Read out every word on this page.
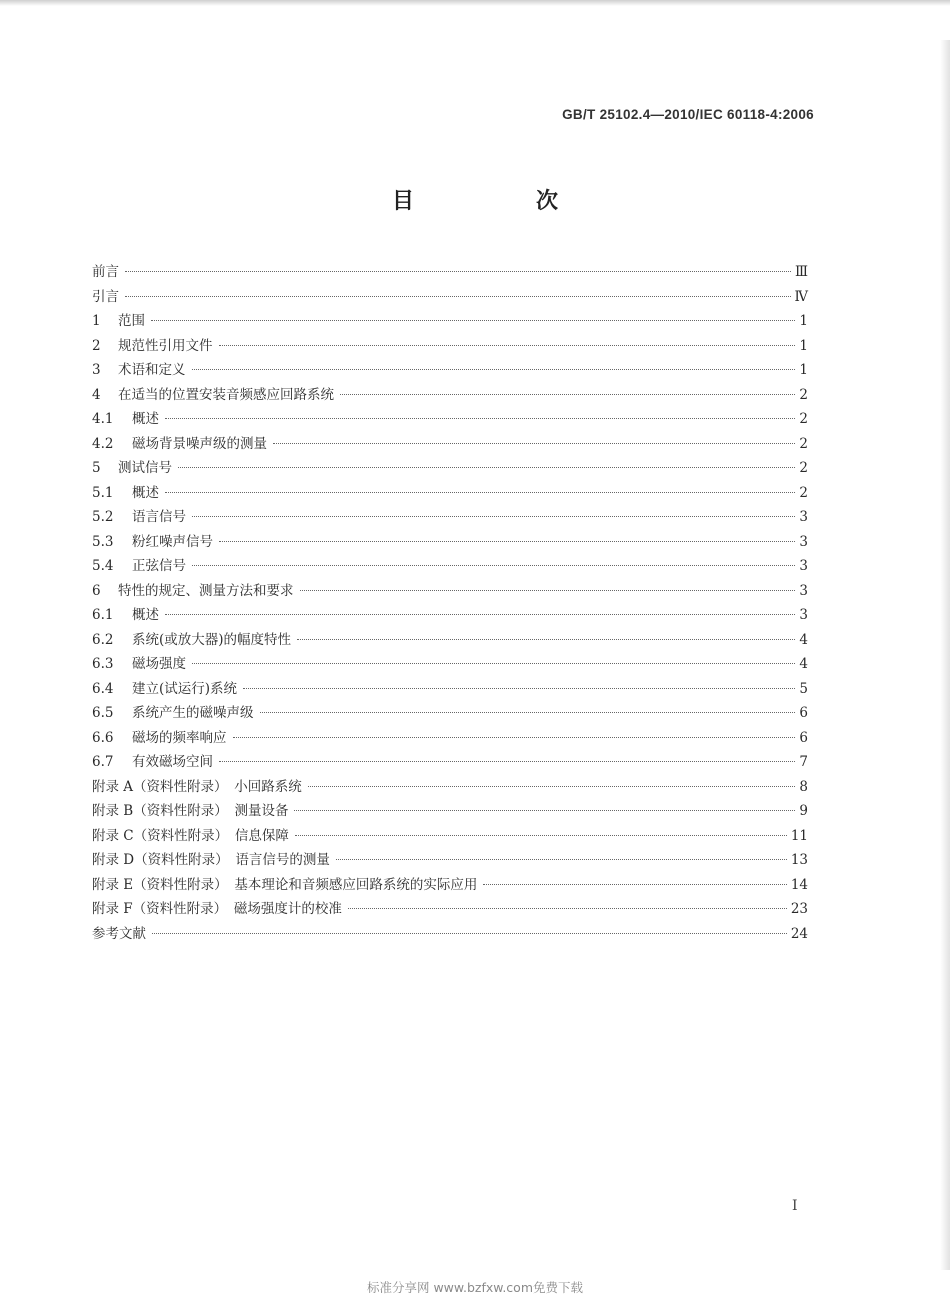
GB/T 25102.4—2010/IEC 60118-4:2006
目　次
前言	Ⅲ
引言	Ⅳ
1	范围	1
2	规范性引用文件	1
3	术语和定义	1
4	在适当的位置安装音频感应回路系统	2
4.1	概述	2
4.2	磁场背景噪声级的测量	2
5	测试信号	2
5.1	概述	2
5.2	语言信号	3
5.3	粉红噪声信号	3
5.4	正弦信号	3
6	特性的规定、测量方法和要求	3
6.1	概述	3
6.2	系统(或放大器)的幅度特性	4
6.3	磁场强度	4
6.4	建立(试运行)系统	5
6.5	系统产生的磁噪声级	6
6.6	磁场的频率响应	6
6.7	有效磁场空间	7
附录 A（资料性附录）　小回路系统	8
附录 B（资料性附录）　测量设备	9
附录 C（资料性附录）　信息保障	11
附录 D（资料性附录）　语言信号的测量	13
附录 E（资料性附录）　基本理论和音频感应回路系统的实际应用	14
附录 F（资料性附录）　磁场强度计的校准	23
参考文献	24
Ⅰ
标准分享网 www.bzfxw.com免费下载
